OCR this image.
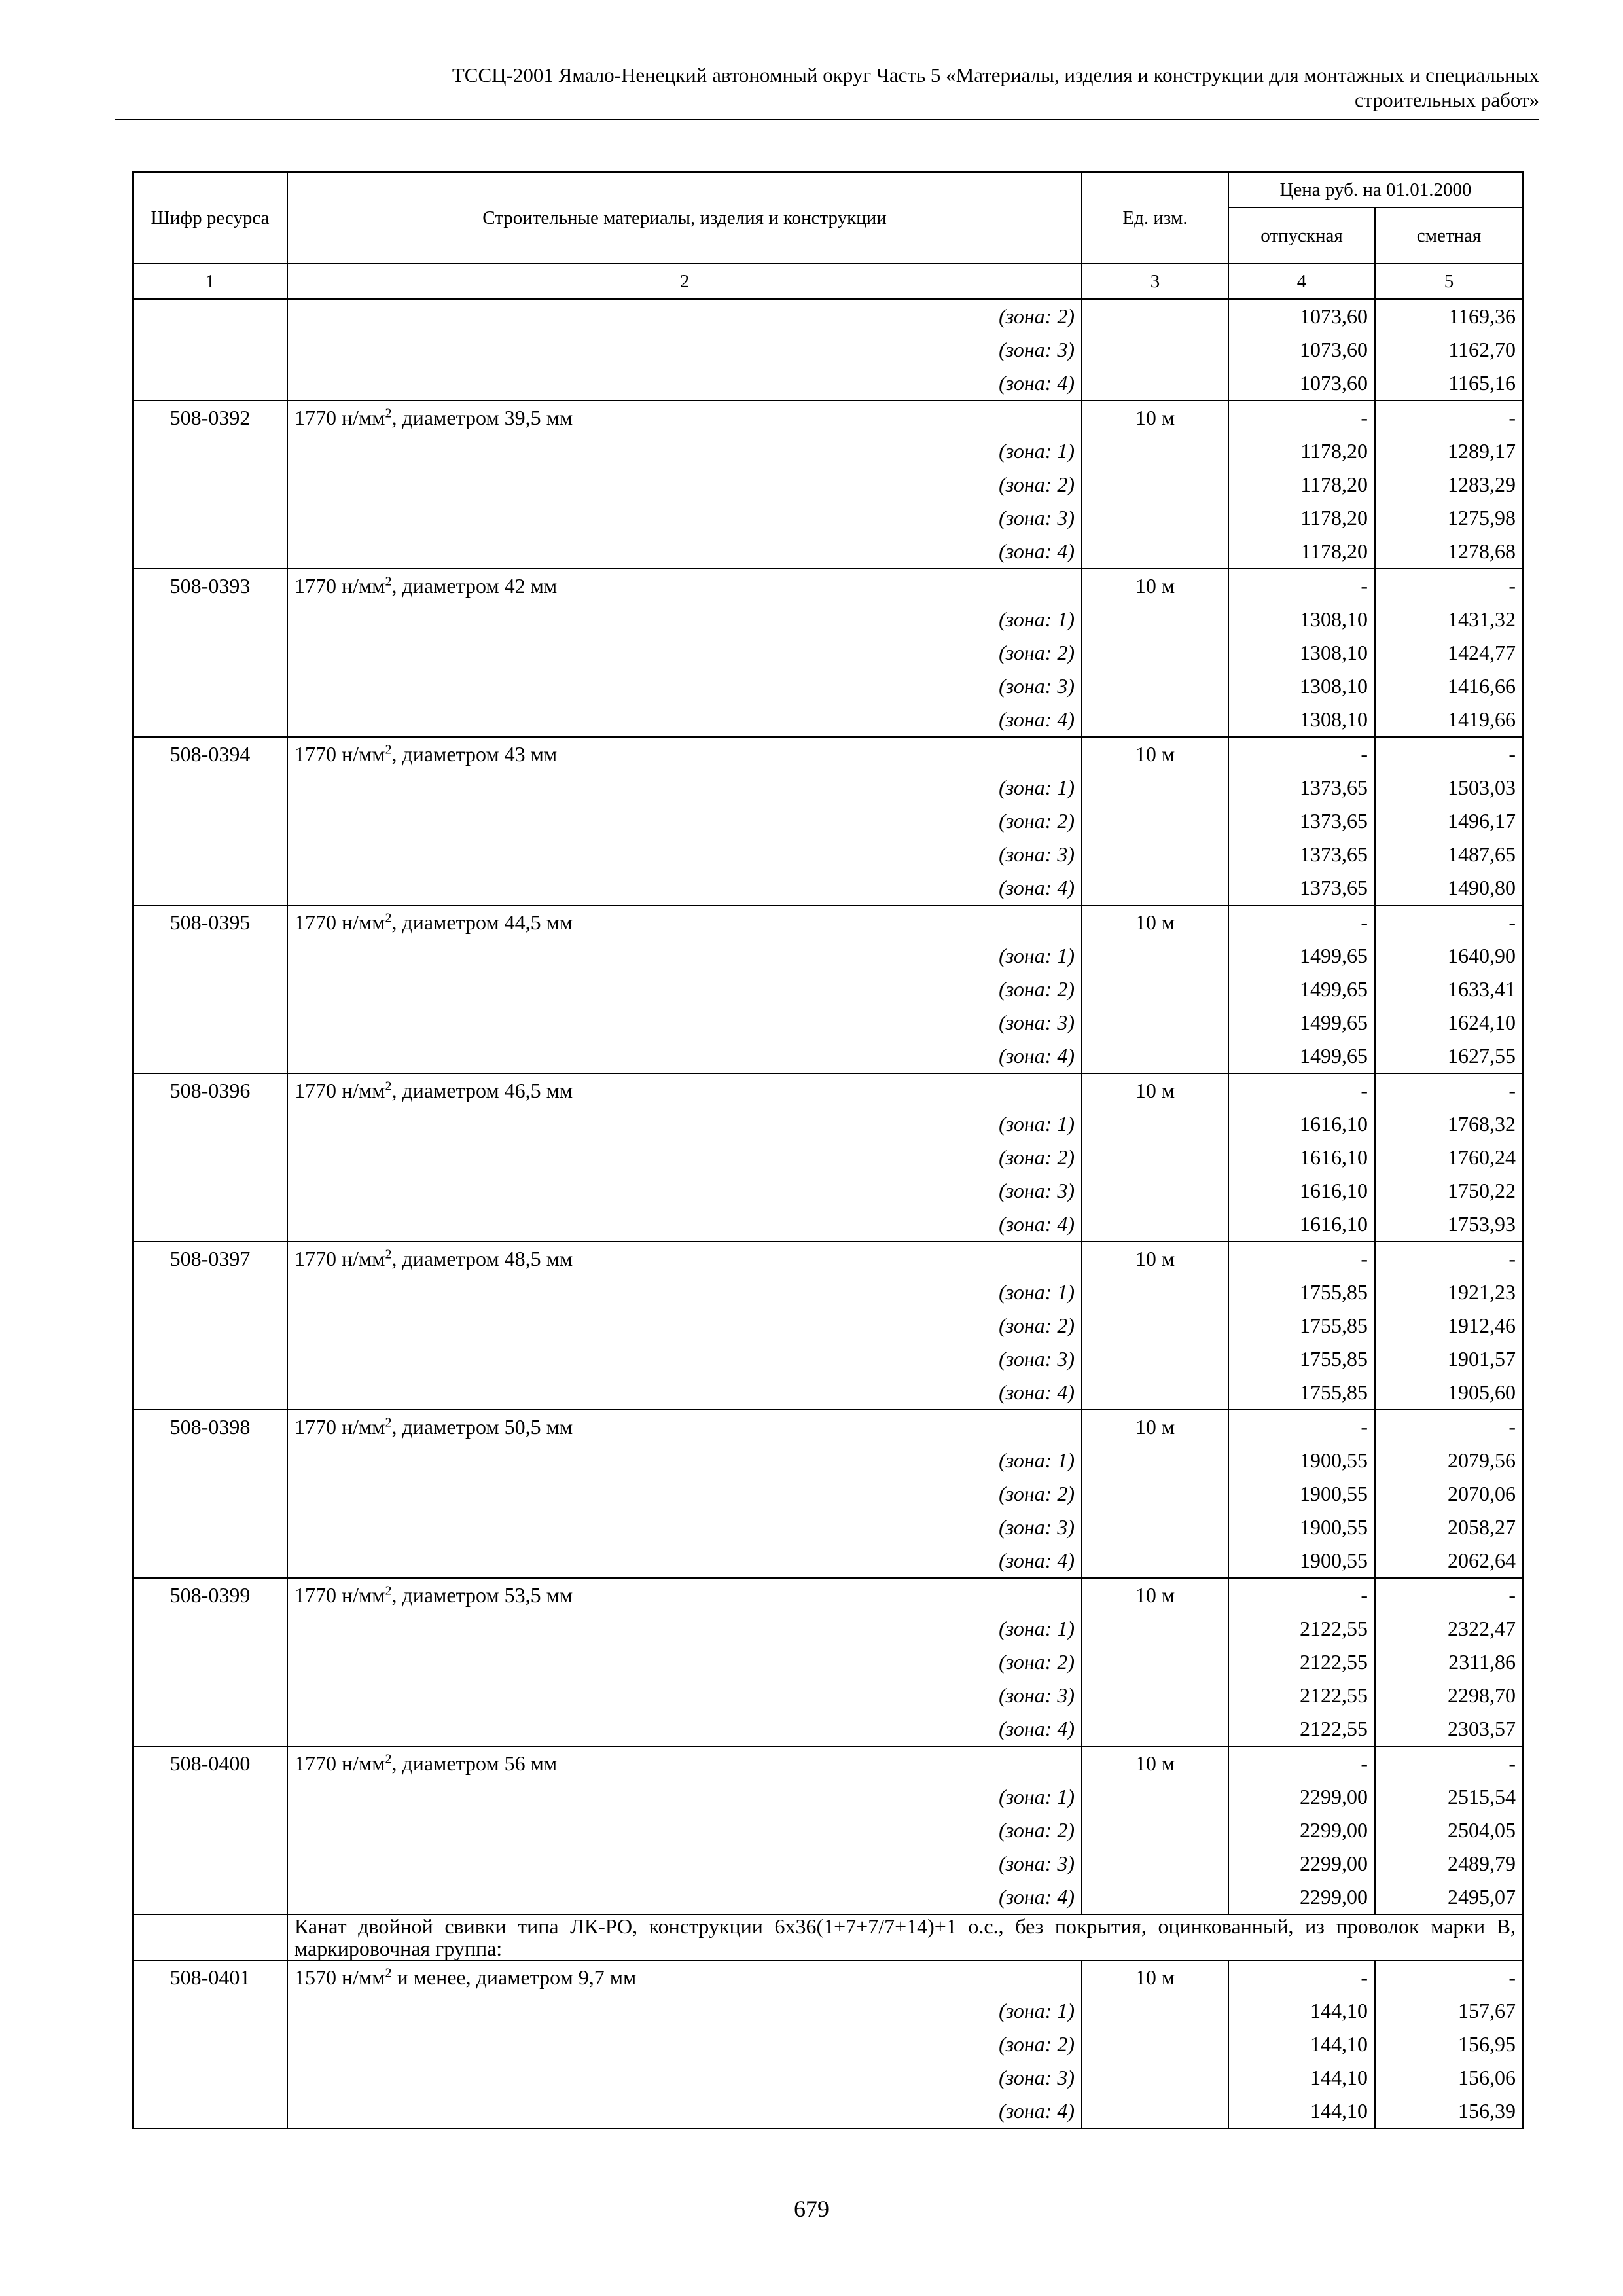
ТССЦ-2001 Ямало-Ненецкий автономный округ Часть 5 «Материалы, изделия и конструкции для монтажных и специальных
строительных работ»
Шифр ресурса	Строительные материалы, изделия и конструкции	Ед. изм.	Цена руб. на 01.01.2000	
			отпускная	сметная
1	2	3	4	5
	(зона: 2)		1073,60	1169,36
	(зона: 3)		1073,60	1162,70
	(зона: 4)		1073,60	1165,16
508-0392	1770 $н/мм^2$, диаметром 39,5 мм	10 м	-	-
	(зона: 1)		1178,20	1289,17
	(зона: 2)		1178,20	1283,29
	(зона: 3)		1178,20	1275,98
	(зона: 4)		1178,20	1278,68
508-0393	1770 $н/мм^2$, диаметром 42 мм	10 м	-	-
	(зона: 1)		1308,10	1431,32
	(зона: 2)		1308,10	1424,77
	(зона: 3)		1308,10	1416,66
	(зона: 4)		1308,10	1419,66
508-0394	1770 $н/мм^2$, диаметром 43 мм	10 м	-	-
	(зона: 1)		1373,65	1503,03
	(зона: 2)		1373,65	1496,17
	(зона: 3)		1373,65	1487,65
	(зона: 4)		1373,65	1490,80
508-0395	1770 $н/мм^2$, диаметром 44,5 мм	10 м	-	-
	(зона: 1)		1499,65	1640,90
	(зона: 2)		1499,65	1633,41
	(зона: 3)		1499,65	1624,10
	(зона: 4)		1499,65	1627,55
508-0396	1770 $н/мм^2$, диаметром 46,5 мм	10 м	-	-
	(зона: 1)		1616,10	1768,32
	(зона: 2)		1616,10	1760,24
	(зона: 3)		1616,10	1750,22
	(зона: 4)		1616,10	1753,93
508-0397	1770 $н/мм^2$, диаметром 48,5 мм	10 м	-	-
	(зона: 1)		1755,85	1921,23
	(зона: 2)		1755,85	1912,46
	(зона: 3)		1755,85	1901,57
	(зона: 4)		1755,85	1905,60
508-0398	1770 $н/мм^2$, диаметром 50,5 мм	10 м	-	-
	(зона: 1)		1900,55	2079,56
	(зона: 2)		1900,55	2070,06
	(зона: 3)		1900,55	2058,27
	(зона: 4)		1900,55	2062,64
508-0399	1770 $н/мм^2$, диаметром 53,5 мм	10 м	-	-
	(зона: 1)		2122,55	2322,47
	(зона: 2)		2122,55	2311,86
	(зона: 3)		2122,55	2298,70
	(зона: 4)		2122,55	2303,57
508-0400	1770 $н/мм^2$, диаметром 56 мм	10 м	-	-
	(зона: 1)		2299,00	2515,54
	(зона: 2)		2299,00	2504,05
	(зона: 3)		2299,00	2489,79
	(зона: 4)		2299,00	2495,07
	Канат двойной свивки типа ЛК-РО, конструкции 6х36(1+7+7/7+14)+1 о.с., без покрытия, оцинкованный, из проволок марки В, маркировочная группа:			
508-0401	1570 $н/мм^2$ и менее, диаметром 9,7 мм	10 м	-	-
	(зона: 1)		144,10	157,67
	(зона: 2)		144,10	156,95
	(зона: 3)		144,10	156,06
	(зона: 4)		144,10	156,39
679
